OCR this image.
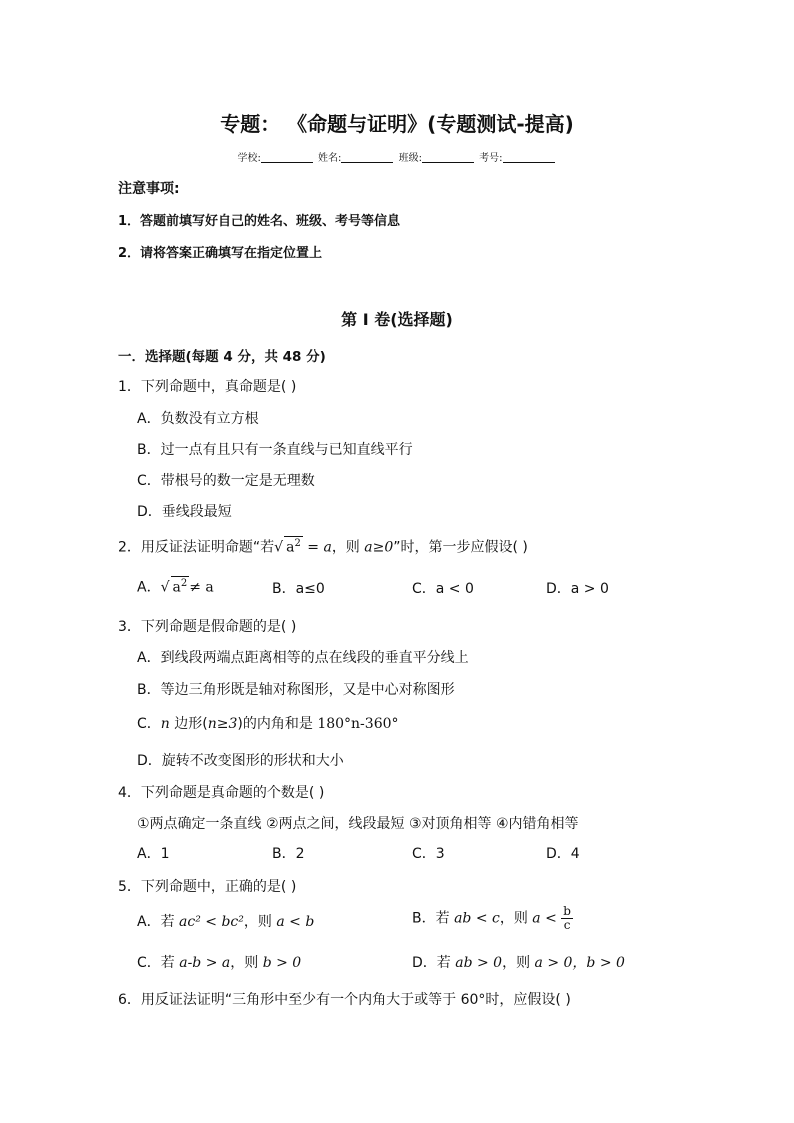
专题： 《命题与证明》(专题测试-提高)
学校:	姓名:	班级:	考号:
注意事项:
1．答题前填写好自己的姓名、班级、考号等信息
2．请将答案正确填写在指定位置上
第 I 卷(选择题)
一．选择题(每题 4 分，共 48 分)
1．下列命题中，真命题是( )
A．负数没有立方根
B．过一点有且只有一条直线与已知直线平行
C．带根号的数一定是无理数
D．垂线段最短
2．用反证法证明命题“若√ $a^2 = a$，则 a≥0”时，第一步应假设( )
A．√ $a^2 \ne a$	B．a≤0	C．a < 0	D．a > 0
3．下列命题是假命题的是( )
A．到线段两端点距离相等的点在线段的垂直平分线上
B．等边三角形既是轴对称图形，又是中心对称图形
C．n 边形(n≥3)的内角和是 180°n-360°
D．旋转不改变图形的形状和大小
4．下列命题是真命题的个数是( )
①两点确定一条直线 ②两点之间，线段最短 ③对顶角相等 ④内错角相等
A．1	B．2	C．3	D．4
5．下列命题中，正确的是( )
A．若 ac² < bc²，则 a < b	B．若 ab < c，则 $a < \frac{b}{c}$
C．若 a-b > a，则 b > 0	D．若 ab > 0，则 a > 0，b > 0
6．用反证法证明“三角形中至少有一个内角大于或等于 60°时，应假设( )
